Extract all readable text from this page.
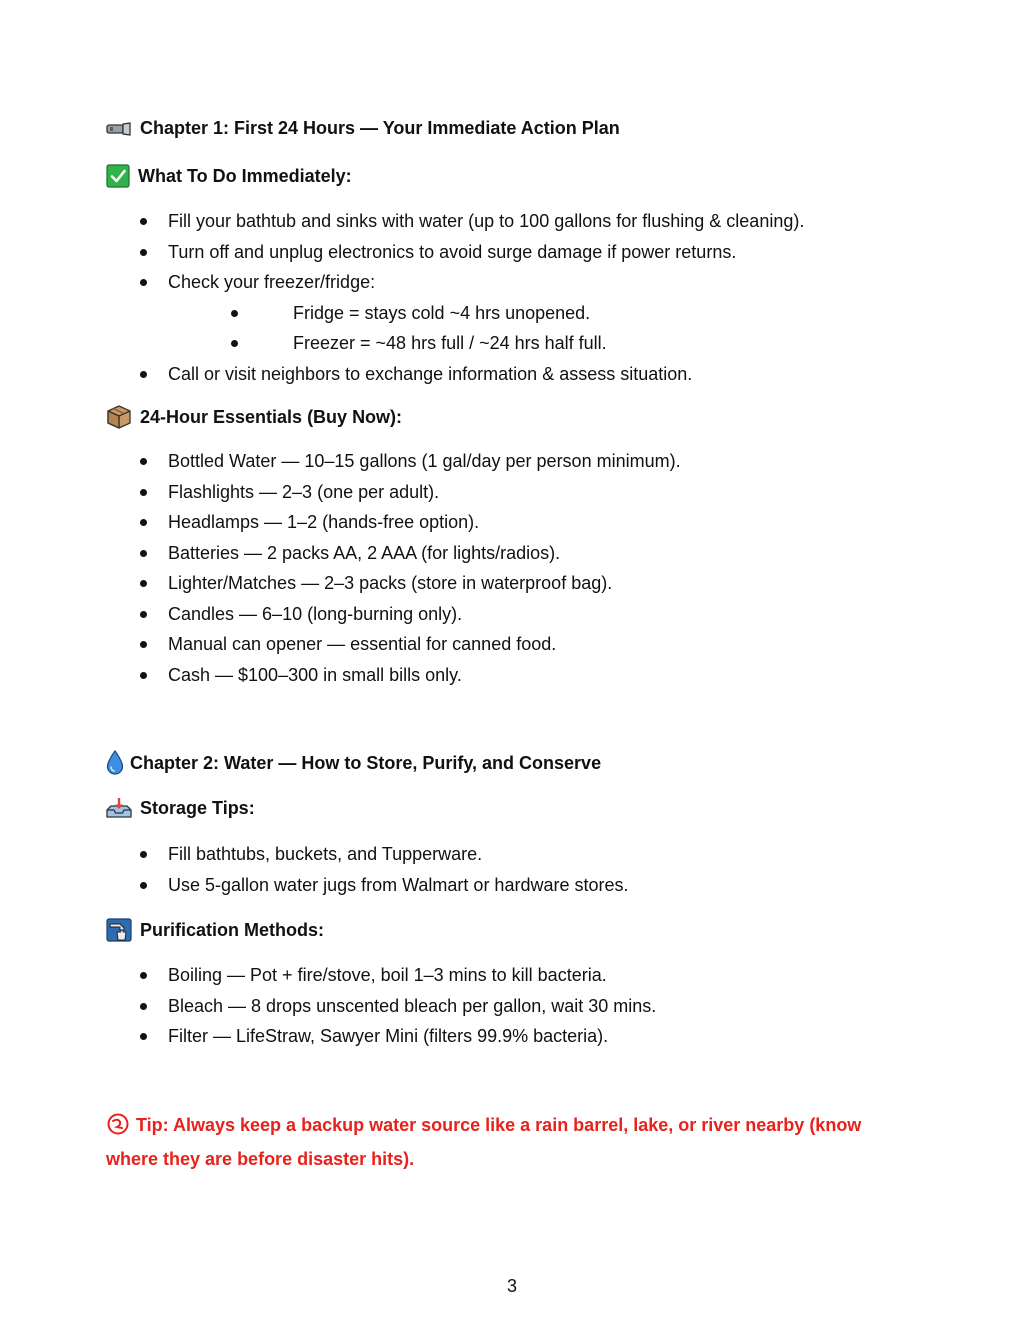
Chapter 1: First 24 Hours — Your Immediate Action Plan
What To Do Immediately:
Fill your bathtub and sinks with water (up to 100 gallons for flushing & cleaning).
Turn off and unplug electronics to avoid surge damage if power returns.
Check your freezer/fridge:
Fridge = stays cold ~4 hrs unopened.
Freezer = ~48 hrs full / ~24 hrs half full.
Call or visit neighbors to exchange information & assess situation.
24-Hour Essentials (Buy Now):
Bottled Water — 10–15 gallons (1 gal/day per person minimum).
Flashlights — 2–3 (one per adult).
Headlamps — 1–2 (hands-free option).
Batteries — 2 packs AA, 2 AAA (for lights/radios).
Lighter/Matches — 2–3 packs (store in waterproof bag).
Candles — 6–10 (long-burning only).
Manual can opener — essential for canned food.
Cash — $100–300 in small bills only.
Chapter 2: Water — How to Store, Purify, and Conserve
Storage Tips:
Fill bathtubs, buckets, and Tupperware.
Use 5-gallon water jugs from Walmart or hardware stores.
Purification Methods:
Boiling — Pot + fire/stove, boil 1–3 mins to kill bacteria.
Bleach — 8 drops unscented bleach per gallon, wait 30 mins.
Filter — LifeStraw, Sawyer Mini (filters 99.9% bacteria).
Tip: Always keep a backup water source like a rain barrel, lake, or river nearby (know where they are before disaster hits).
3
